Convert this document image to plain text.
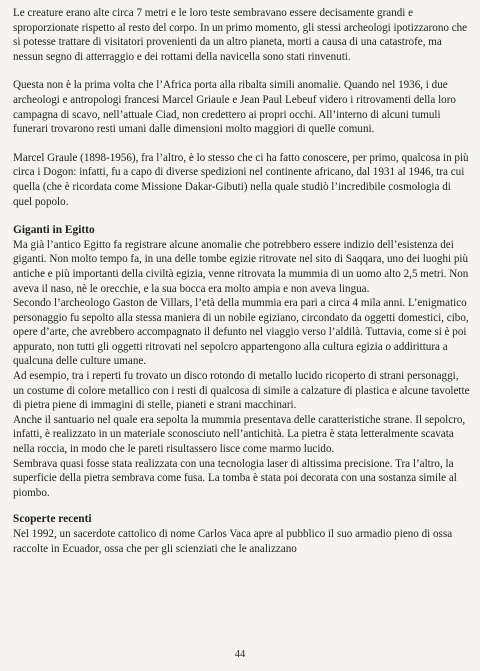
Le creature erano alte circa 7 metri e le loro teste sembravano essere decisamente grandi e sproporzionate rispetto al resto del corpo. In un primo momento, gli stessi archeologi ipotizzarono che si potesse trattare di visitatori provenienti da un altro pianeta, morti a causa di una catastrofe, ma nessun segno di atterraggio e dei rottami della navicella sono stati rinvenuti.

Questa non è la prima volta che l’Africa porta alla ribalta simili anomalie. Quando nel 1936, i due archeologi e antropologi francesi Marcel Griaule e Jean Paul Lebeuf videro i ritrovamenti della loro campagna di scavo, nell’attuale Ciad, non credettero ai propri occhi. All’interno di alcuni tumuli funerari trovarono resti umani dalle dimensioni molto maggiori di quelle comuni.

Marcel Graule (1898-1956), fra l’altro, è lo stesso che ci ha fatto conoscere, per primo, qualcosa in più circa i Dogon: infatti, fu a capo di diverse spedizioni nel continente africano, dal 1931 al 1946, tra cui quella (che è ricordata come Missione Dakar-Gibuti) nella quale studiò l’incredibile cosmologia di quel popolo.

Giganti in Egitto

Ma già l’antico Egitto fa registrare alcune anomalie che potrebbero essere indizio dell’esistenza dei giganti. Non molto tempo fa, in una delle tombe egizie ritrovate nel sito di Saqqara, uno dei luoghi più antiche e più importanti della civiltà egizia, venne ritrovata la mummia di un uomo alto 2,5 metri. Non aveva il naso, nè le orecchie, e la sua bocca era molto ampia e non aveva lingua.

Secondo l’archeologo Gaston de Villars, l’età della mummia era pari a circa 4 mila anni. L’enigmatico personaggio fu sepolto alla stessa maniera di un nobile egiziano, circondato da oggetti domestici, cibo, opere d’arte, che avrebbero accompagnato il defunto nel viaggio verso l’aldilà. Tuttavia, come si è poi appurato, non tutti gli oggetti ritrovati nel sepolcro appartengono alla cultura egizia o addirittura a qualcuna delle culture umane.

Ad esempio, tra i reperti fu trovato un disco rotondo di metallo lucido ricoperto di strani personaggi, un costume di colore metallico con i resti di qualcosa di simile a calzature di plastica e alcune tavolette di pietra piene di immagini di stelle, pianeti e strani macchinari.

Anche il santuario nel quale era sepolta la mummia presentava delle caratteristiche strane. Il sepolcro, infatti, è realizzato in un materiale sconosciuto nell’antichità. La pietra è stata letteralmente scavata nella roccia, in modo che le pareti risultassero lisce come marmo lucido.

Sembrava quasi fosse stata realizzata con una tecnologia laser di altissima precisione. Tra l’altro, la superficie della pietra sembrava come fusa. La tomba è stata poi decorata con una sostanza simile al piombo.

Scoperte recenti

Nel 1992, un sacerdote cattolico di nome Carlos Vaca apre al pubblico il suo armadio pieno di ossa raccolte in Ecuador, ossa che per gli scienziati che le analizzano

44
